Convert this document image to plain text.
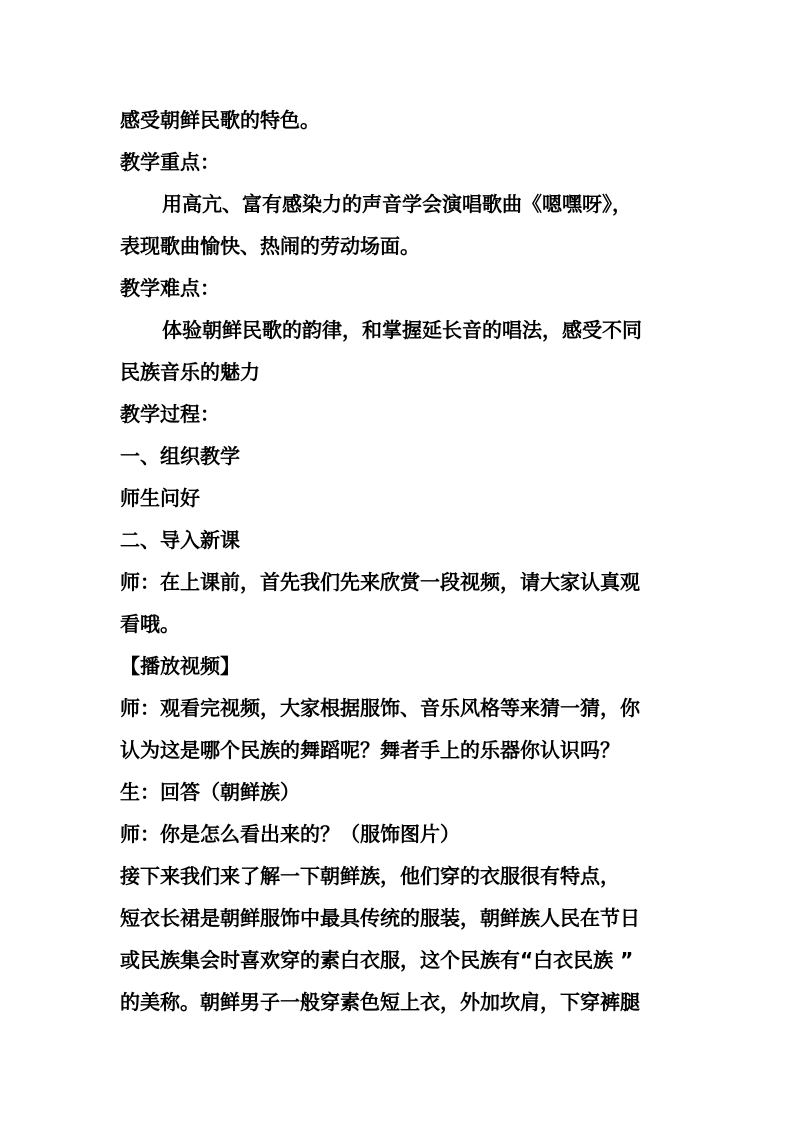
感受朝鲜民歌的特色。
教学重点：
用高亢、富有感染力的声音学会演唱歌曲《嗯嘿呀》，
表现歌曲愉快、热闹的劳动场面。
教学难点：
体验朝鲜民歌的韵律，和掌握延长音的唱法，感受不同
民族音乐的魅力
教学过程：
一、组织教学
师生问好
二、导入新课
师：在上课前，首先我们先来欣赏一段视频，请大家认真观
看哦。
【播放视频】
师：观看完视频，大家根据服饰、音乐风格等来猜一猜，你
认为这是哪个民族的舞蹈呢？舞者手上的乐器你认识吗？
生：回答（朝鲜族）
师：你是怎么看出来的？（服饰图片）
接下来我们来了解一下朝鲜族，他们穿的衣服很有特点，
短衣长裙是朝鲜服饰中最具传统的服装，朝鲜族人民在节日
或民族集会时喜欢穿的素白衣服，这个民族有“白衣民族 ”
的美称。朝鲜男子一般穿素色短上衣，外加坎肩，下穿裤腿
